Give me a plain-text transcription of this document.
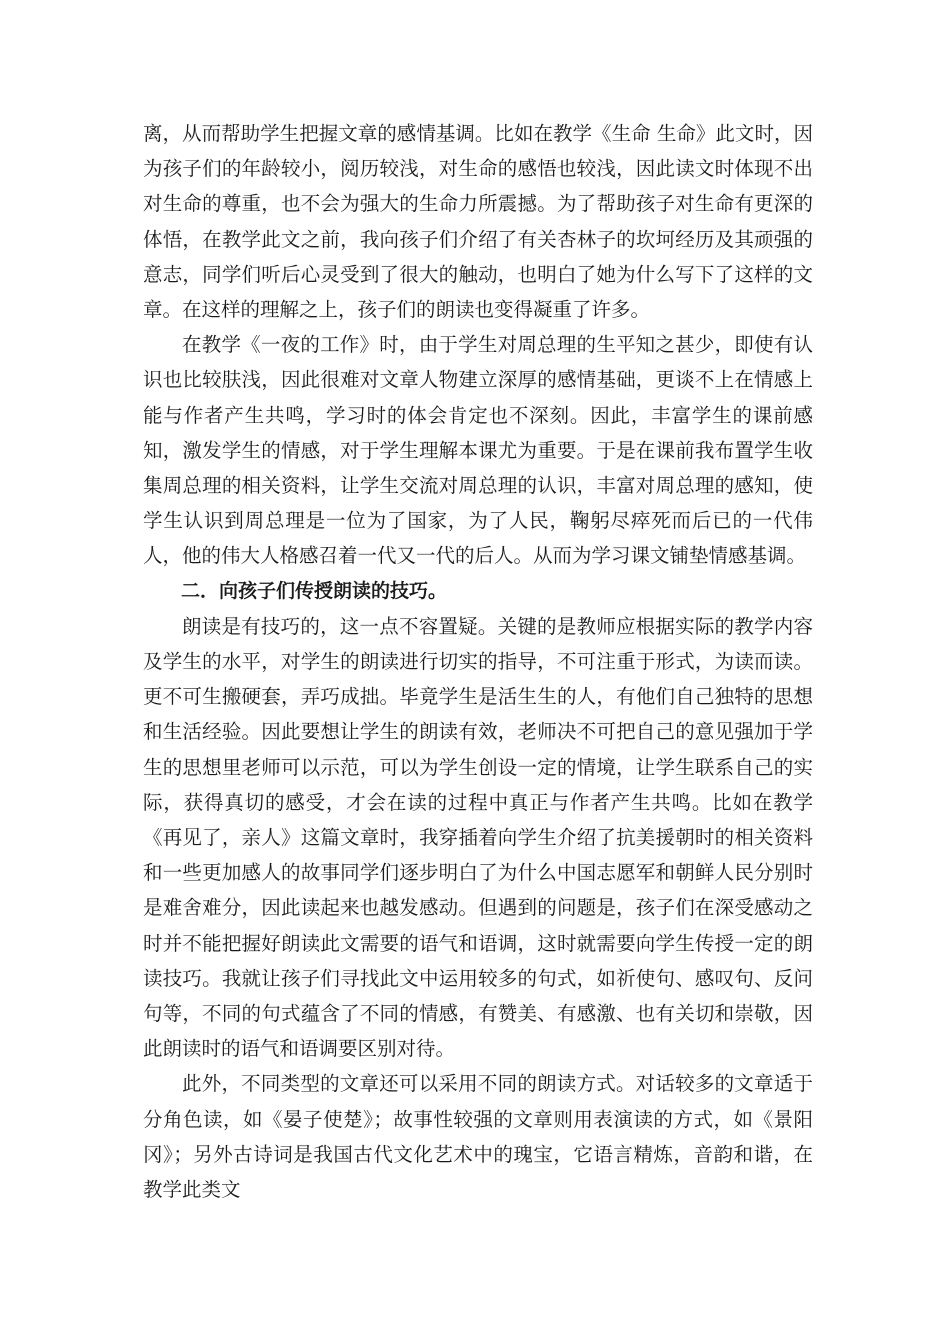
离，从而帮助学生把握文章的感情基调。比如在教学《生命 生命》此文时，因为孩子们的年龄较小，阅历较浅，对生命的感悟也较浅，因此读文时体现不出对生命的尊重，也不会为强大的生命力所震撼。为了帮助孩子对生命有更深的体悟，在教学此文之前，我向孩子们介绍了有关杏林子的坎坷经历及其顽强的意志，同学们听后心灵受到了很大的触动，也明白了她为什么写下了这样的文章。在这样的理解之上，孩子们的朗读也变得凝重了许多。

在教学《一夜的工作》时，由于学生对周总理的生平知之甚少，即使有认识也比较肤浅，因此很难对文章人物建立深厚的感情基础，更谈不上在情感上能与作者产生共鸣，学习时的体会肯定也不深刻。因此，丰富学生的课前感知，激发学生的情感，对于学生理解本课尤为重要。于是在课前我布置学生收集周总理的相关资料，让学生交流对周总理的认识，丰富对周总理的感知，使学生认识到周总理是一位为了国家，为了人民，鞠躬尽瘁死而后已的一代伟人，他的伟大人格感召着一代又一代的后人。从而为学习课文铺垫情感基调。

二．向孩子们传授朗读的技巧。

朗读是有技巧的，这一点不容置疑。关键的是教师应根据实际的教学内容及学生的水平，对学生的朗读进行切实的指导，不可注重于形式，为读而读。更不可生搬硬套，弄巧成拙。毕竟学生是活生生的人，有他们自己独特的思想和生活经验。因此要想让学生的朗读有效，老师决不可把自己的意见强加于学生的思想里老师可以示范，可以为学生创设一定的情境，让学生联系自己的实际，获得真切的感受，才会在读的过程中真正与作者产生共鸣。比如在教学《再见了，亲人》这篇文章时，我穿插着向学生介绍了抗美援朝时的相关资料和一些更加感人的故事同学们逐步明白了为什么中国志愿军和朝鲜人民分别时是难舍难分，因此读起来也越发感动。但遇到的问题是，孩子们在深受感动之时并不能把握好朗读此文需要的语气和语调，这时就需要向学生传授一定的朗读技巧。我就让孩子们寻找此文中运用较多的句式，如祈使句、感叹句、反问句等，不同的句式蕴含了不同的情感，有赞美、有感激、也有关切和崇敬，因此朗读时的语气和语调要区别对待。

此外，不同类型的文章还可以采用不同的朗读方式。对话较多的文章适于分角色读，如《晏子使楚》；故事性较强的文章则用表演读的方式，如《景阳冈》；另外古诗词是我国古代文化艺术中的瑰宝，它语言精炼，音韵和谐，在教学此类文
